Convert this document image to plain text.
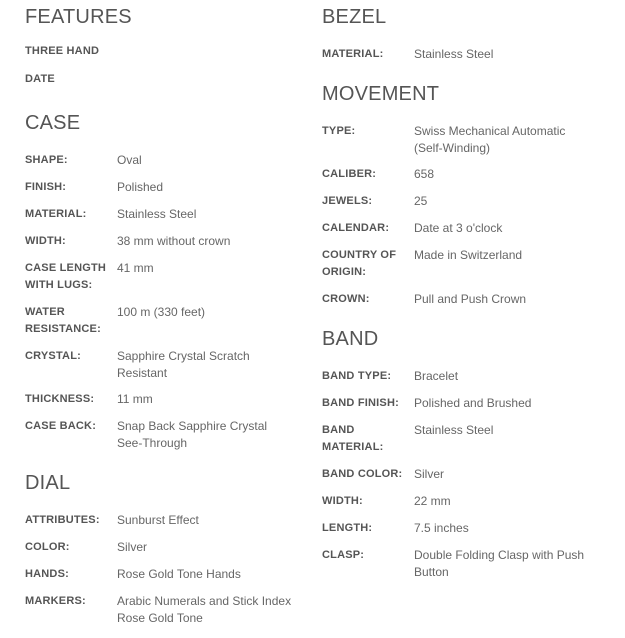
FEATURES
THREE HAND
DATE
CASE
SHAPE:	Oval
FINISH:	Polished
MATERIAL:	Stainless Steel
WIDTH:	38 mm without crown
CASE LENGTH WITH LUGS:
41 mm
WATER RESISTANCE:
100 m (330 feet)
CRYSTAL:	Sapphire Crystal Scratch Resistant
THICKNESS:	11 mm
CASE BACK:	Snap Back Sapphire Crystal See-Through
DIAL
ATTRIBUTES:	Sunburst Effect
COLOR:	Silver
HANDS:	Rose Gold Tone Hands
MARKERS:	Arabic Numerals and Stick Index Rose Gold Tone
BEZEL
MATERIAL:	Stainless Steel
MOVEMENT
TYPE:	Swiss Mechanical Automatic (Self-Winding)
CALIBER:	658
JEWELS:	25
CALENDAR:	Date at 3 o'clock
COUNTRY OF ORIGIN:
Made in Switzerland
CROWN:	Pull and Push Crown
BAND
BAND TYPE:	Bracelet
BAND FINISH:	Polished and Brushed
BAND MATERIAL:
Stainless Steel
BAND COLOR: Silver
WIDTH:	22 mm
LENGTH:	7.5 inches
CLASP:	Double Folding Clasp with Push Button
